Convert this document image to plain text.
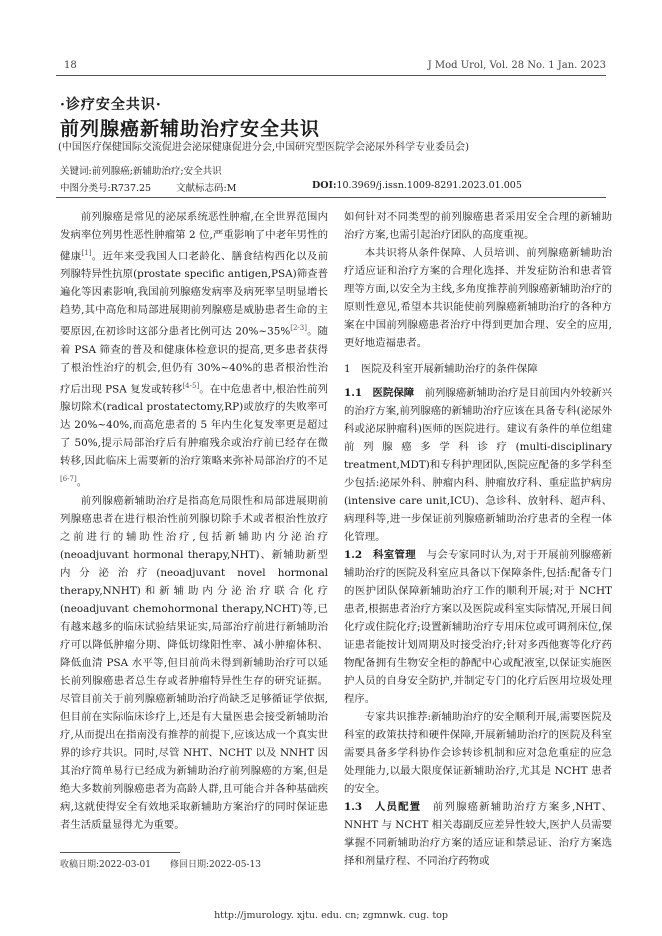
18	J Mod Urol, Vol. 28 No. 1 Jan. 2023
·诊疗安全共识·
前列腺癌新辅助治疗安全共识
(中国医疗保健国际交流促进会泌尿健康促进分会,中国研究型医院学会泌尿外科学专业委员会)
关键词:前列腺癌;新辅助治疗;安全共识
中图分类号:R737.25	文献标志码:M	DOI:10.3969/j.issn.1009-8291.2023.01.005

前列腺癌是常见的泌尿系统恶性肿瘤,在全世界范围内发病率位列男性恶性肿瘤第 2 位,严重影响了中老年男性的健康[1]。近年来受我国人口老龄化、膳食结构西化以及前列腺特异性抗原(prostate specific antigen,PSA)筛查普遍化等因素影响,我国前列腺癌发病率及病死率呈明显增长趋势,其中高危和局部进展期前列腺癌是威胁患者生命的主要原因,在初诊时这部分患者比例可达 20%~35%[2-3]。随着 PSA 筛查的普及和健康体检意识的提高,更多患者获得了根治性治疗的机会,但仍有 30%~40%的患者根治性治疗后出现 PSA 复发或转移[4-5]。在中危患者中,根治性前列腺切除术(radical prostatectomy,RP)或放疗的失败率可达 20%~40%,而高危患者的 5 年内生化复发率更是超过了 50%,提示局部治疗后有肿瘤残余或治疗前已经存在微转移,因此临床上需要新的治疗策略来弥补局部治疗的不足[6-7]。

前列腺癌新辅助治疗是指高危局限性和局部进展期前列腺癌患者在进行根治性前列腺切除手术或者根治性放疗之前进行的辅助性治疗,包括新辅助内分泌治疗(neoadjuvant hormonal therapy,NHT)、新辅助新型内分泌治疗(neoadjuvant novel hormonal therapy,NNHT)和新辅助内分泌治疗联合化疗(neoadjuvant chemohormonal therapy,NCHT)等,已有越来越多的临床试验结果证实,局部治疗前进行新辅助治疗可以降低肿瘤分期、降低切缘阳性率、减小肿瘤体积、降低血清 PSA 水平等,但目前尚未得到新辅助治疗可以延长前列腺癌患者总生存或者肿瘤特异性生存的研究证据。尽管目前关于前列腺癌新辅助治疗尚缺乏足够循证学依据,但目前在实际临床诊疗上,还是有大量医患会接受新辅助治疗,从而提出在指南没有推荐的前提下,应该达成一个真实世界的诊疗共识。同时,尽管 NHT、NCHT 以及 NNHT 因其治疗简单易行已经成为新辅助治疗前列腺癌的方案,但是绝大多数前列腺癌患者为高龄人群,且可能合并各种基础疾病,这就使得安全有效地采取新辅助方案治疗的同时保证患者生活质量显得尤为重要。

如何针对不同类型的前列腺癌患者采用安全合理的新辅助治疗方案,也需引起治疗团队的高度重视。

本共识将从条件保障、人员培训、前列腺癌新辅助治疗适应证和治疗方案的合理化选择、并发症防治和患者管理等方面,以安全为主线,多角度推荐前列腺癌新辅助治疗的原则性意见,希望本共识能使前列腺癌新辅助治疗的各种方案在中国前列腺癌患者治疗中得到更加合理、安全的应用,更好地造福患者。

1　医院及科室开展新辅助治疗的条件保障

1.1　医院保障　 前列腺癌新辅助治疗是目前国内外较新兴的治疗方案,前列腺癌的新辅助治疗应该在具备专科(泌尿外科或泌尿肿瘤科)医师的医院进行。建议有条件的单位组建前列腺癌多学科诊疗(multi-disciplinary treatment,MDT)和专科护理团队,医院应配备的多学科至少包括:泌尿外科、肿瘤内科、肿瘤放疗科、重症监护病房(intensive care unit,ICU)、急诊科、放射科、超声科、病理科等,进一步保证前列腺癌新辅助治疗患者的全程一体化管理。

1.2　科室管理　 与会专家同时认为,对于开展前列腺癌新辅助治疗的医院及科室应具备以下保障条件,包括:配备专门的医护团队保障新辅助治疗工作的顺利开展;对于 NCHT 患者,根据患者治疗方案以及医院或科室实际情况,开展日间化疗或住院化疗;设置新辅助治疗专用床位或可调剂床位,保证患者能按计划周期及时接受治疗;针对多西他赛等化疗药物配备拥有生物安全柜的静配中心或配液室,以保证实施医护人员的自身安全防护,并制定专门的化疗后医用垃圾处理程序。

专家共识推荐:新辅助治疗的安全顺利开展,需要医院及科室的政策扶持和硬件保障,开展新辅助治疗的医院及科室需要具备多学科协作会诊转诊机制和应对急危重症的应急处理能力,以最大限度保证新辅助治疗,尤其是 NCHT 患者的安全。

1.3　人员配置　 前列腺癌新辅助治疗方案多,NHT、NNHT 与 NCHT 相关毒副反应差异性较大,医护人员需要掌握不同新辅助治疗方案的适应证和禁忌证、治疗方案选择和剂量疗程、不同治疗药物或

收稿日期:2022-03-01	修回日期:2022-05-13
http://jmurology. xjtu. edu. cn; zgmnwk. cug. top
